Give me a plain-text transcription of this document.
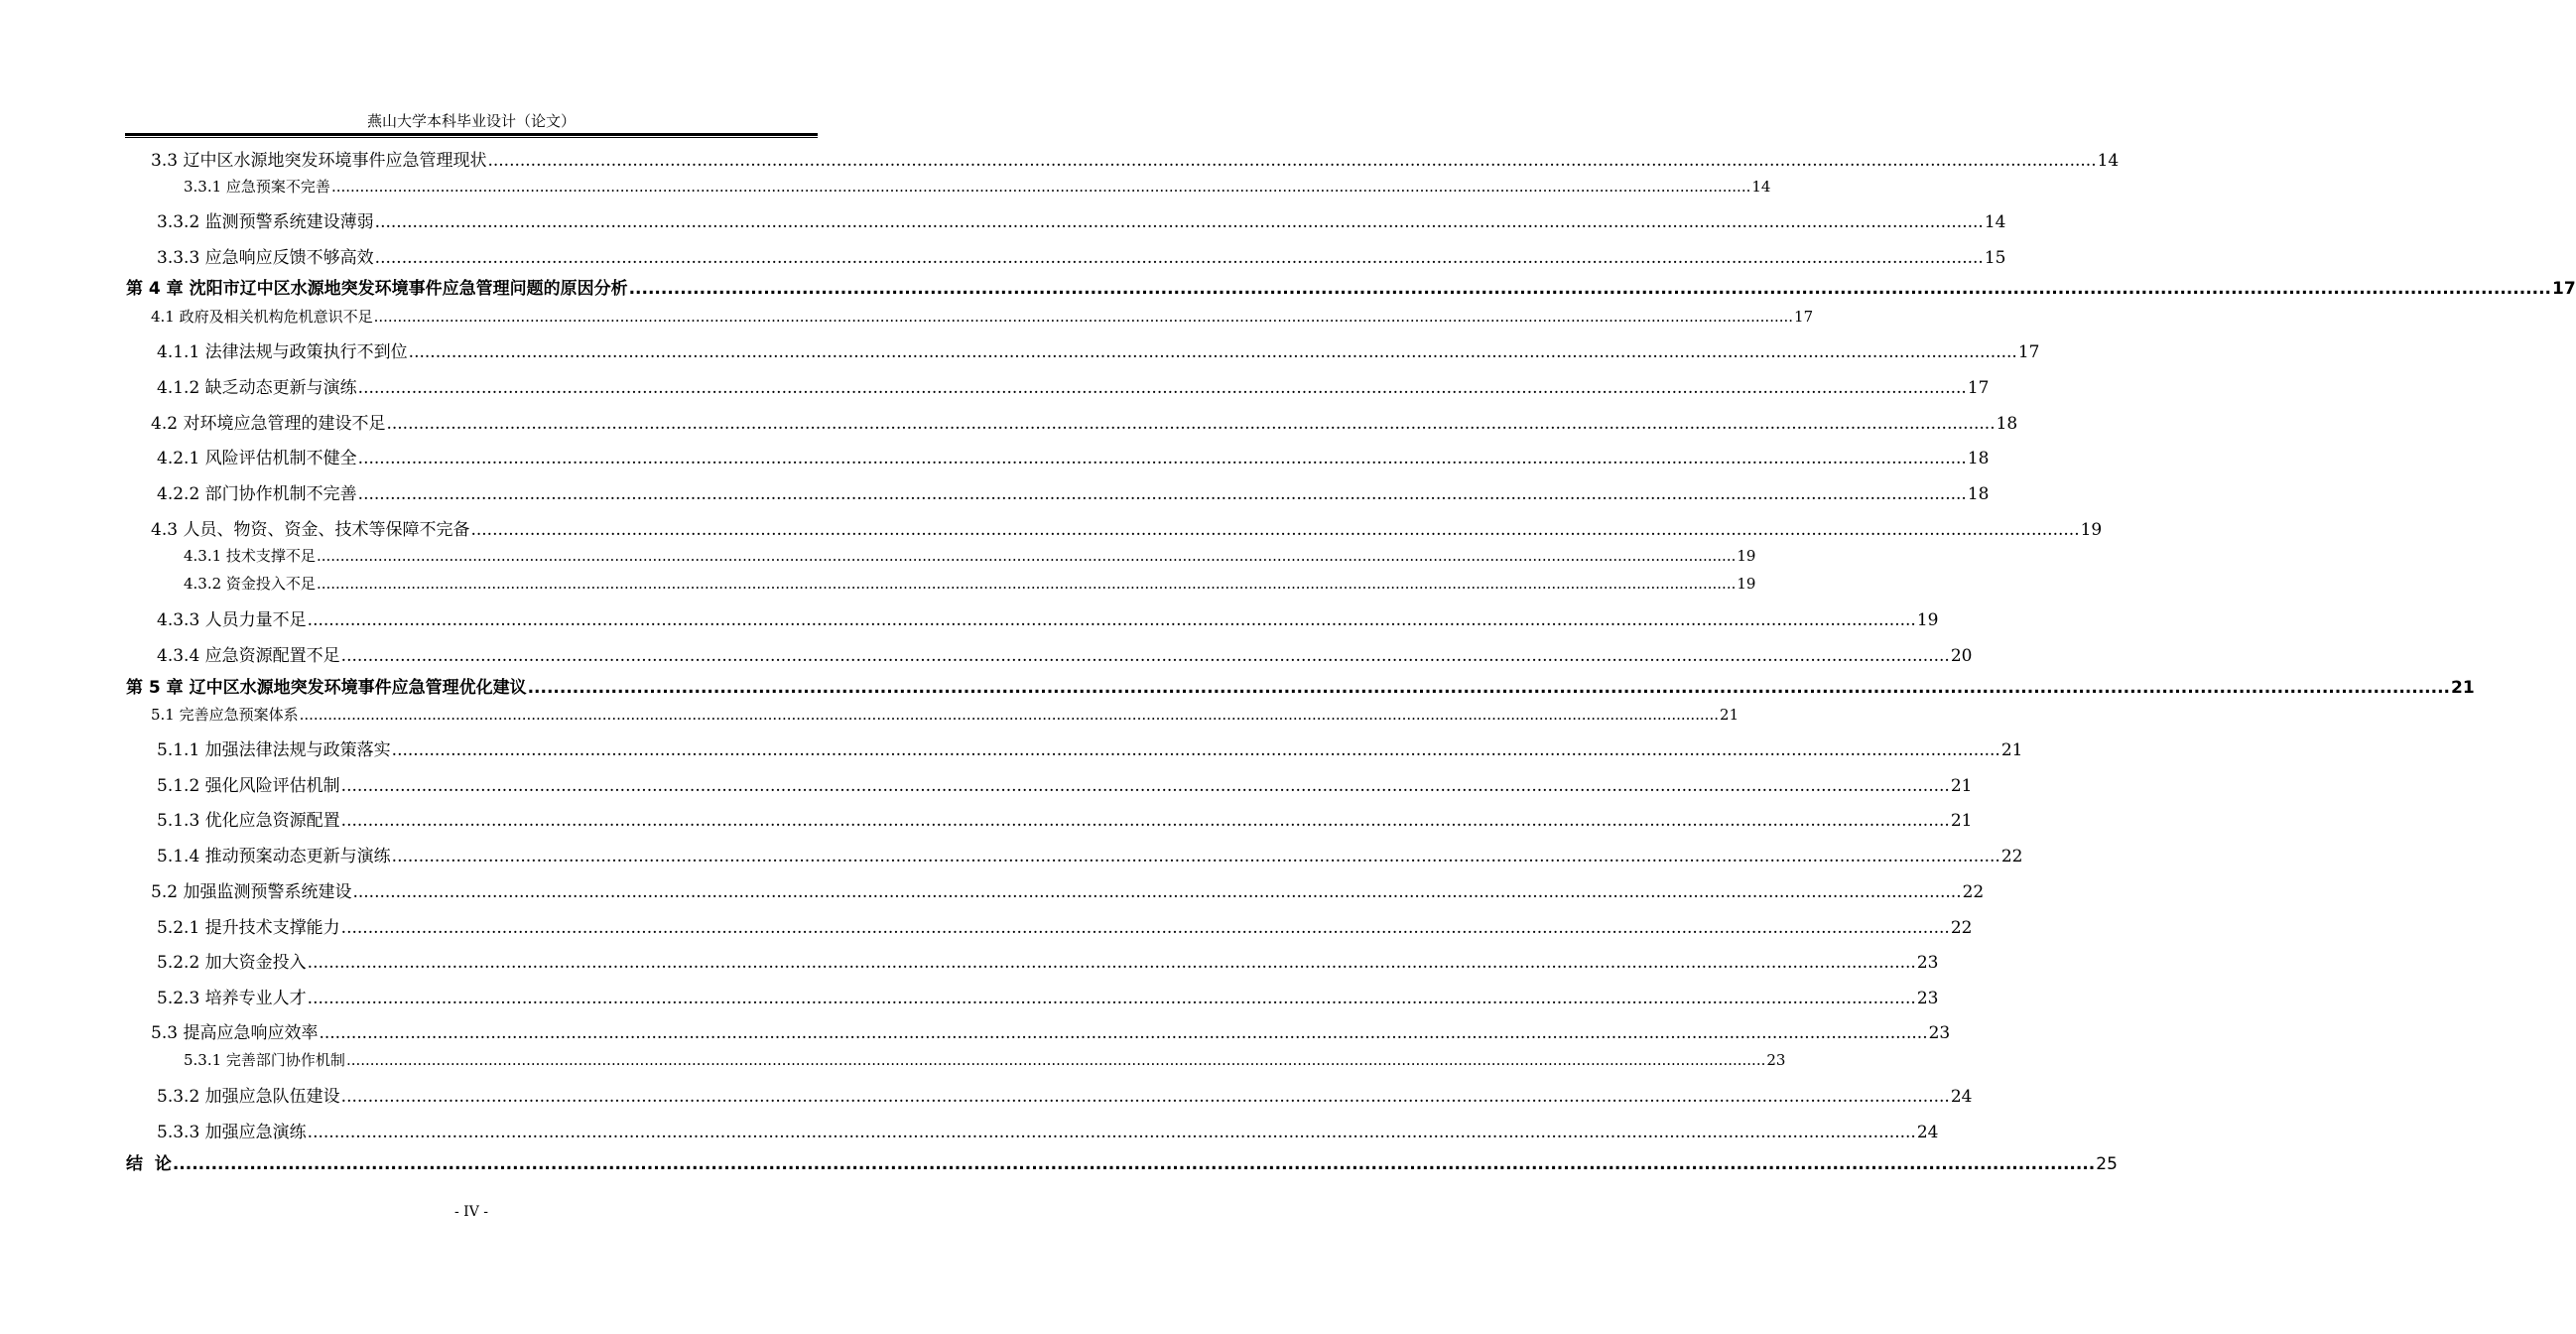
燕山大学本科毕业设计（论文）
3.3 辽中区水源地突发环境事件应急管理现状 ............................................................................................................................................................................................................................................................................................................ 14
3.3.1 应急预案不完善 ............................................................................................................................................................................................................................................................................................................ 14
3.3.2 监测预警系统建设薄弱 ............................................................................................................................................................................................................................................................................................................ 14
3.3.3 应急响应反馈不够高效 ............................................................................................................................................................................................................................................................................................................ 15
第 4 章 沈阳市辽中区水源地突发环境事件应急管理问题的原因分析 ............................................................................................................................................................................................................................................................................................................ 17
4.1 政府及相关机构危机意识不足 ............................................................................................................................................................................................................................................................................................................ 17
4.1.1 法律法规与政策执行不到位 ............................................................................................................................................................................................................................................................................................................ 17
4.1.2 缺乏动态更新与演练 ............................................................................................................................................................................................................................................................................................................ 17
4.2 对环境应急管理的建设不足 ............................................................................................................................................................................................................................................................................................................ 18
4.2.1 风险评估机制不健全 ............................................................................................................................................................................................................................................................................................................ 18
4.2.2 部门协作机制不完善 ............................................................................................................................................................................................................................................................................................................ 18
4.3 人员、物资、资金、技术等保障不完备 ............................................................................................................................................................................................................................................................................................................ 19
4.3.1 技术支撑不足 ............................................................................................................................................................................................................................................................................................................ 19
4.3.2 资金投入不足 ............................................................................................................................................................................................................................................................................................................ 19
4.3.3 人员力量不足 ............................................................................................................................................................................................................................................................................................................ 19
4.3.4 应急资源配置不足 ............................................................................................................................................................................................................................................................................................................ 20
第 5 章 辽中区水源地突发环境事件应急管理优化建议 ............................................................................................................................................................................................................................................................................................................ 21
5.1 完善应急预案体系 ............................................................................................................................................................................................................................................................................................................ 21
5.1.1 加强法律法规与政策落实 ............................................................................................................................................................................................................................................................................................................ 21
5.1.2 强化风险评估机制 ............................................................................................................................................................................................................................................................................................................ 21
5.1.3 优化应急资源配置 ............................................................................................................................................................................................................................................................................................................ 21
5.1.4 推动预案动态更新与演练 ............................................................................................................................................................................................................................................................................................................ 22
5.2 加强监测预警系统建设 ............................................................................................................................................................................................................................................................................................................ 22
5.2.1 提升技术支撑能力 ............................................................................................................................................................................................................................................................................................................ 22
5.2.2 加大资金投入 ............................................................................................................................................................................................................................................................................................................ 23
5.2.3 培养专业人才 ............................................................................................................................................................................................................................................................................................................ 23
5.3 提高应急响应效率 ............................................................................................................................................................................................................................................................................................................ 23
5.3.1 完善部门协作机制 ............................................................................................................................................................................................................................................................................................................ 23
5.3.2 加强应急队伍建设 ............................................................................................................................................................................................................................................................................................................ 24
5.3.3 加强应急演练 ............................................................................................................................................................................................................................................................................................................ 24
结  论 ............................................................................................................................................................................................................................................................................................................ 25
- IV -
